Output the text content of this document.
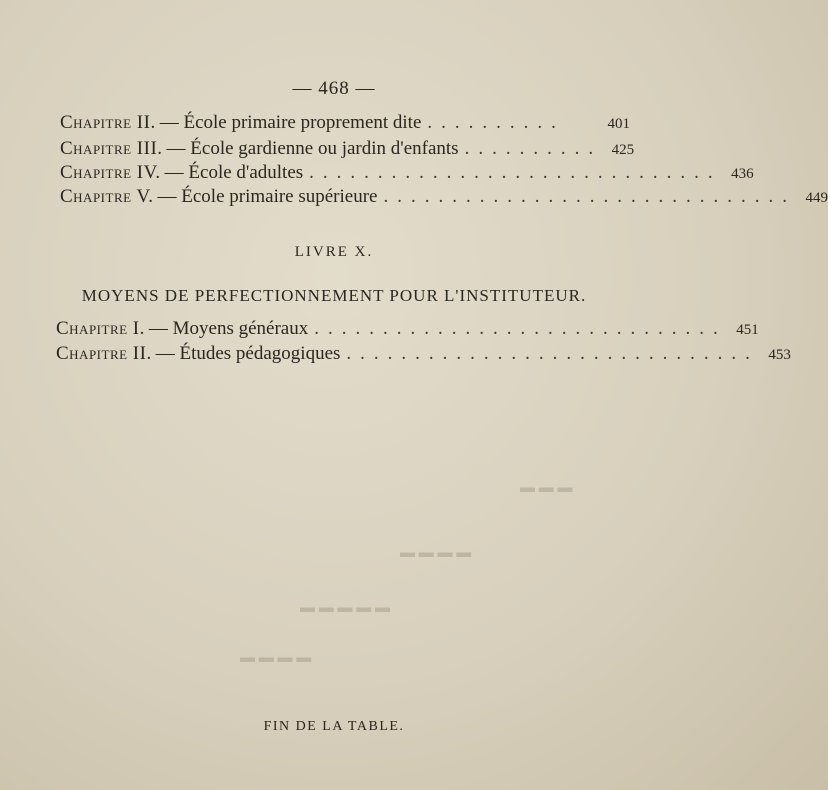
— 468 —
Chapitre II. — École primaire proprement dite ..........	401
Chapitre III. — École gardienne ou jardin d'enfants .......... 425
Chapitre IV. — École d'adultes .............................. 436
Chapitre V. — École primaire supérieure .............................. 449
LIVRE X.
MOYENS DE PERFECTIONNEMENT POUR L'INSTITUTEUR.
Chapitre I. — Moyens généraux .............................. 451
Chapitre II. — Études pédagogiques .............................. 453
▬ ▬ ▬
▬ ▬ ▬ ▬
▬ ▬ ▬ ▬ ▬
▬ ▬ ▬ ▬
FIN DE LA TABLE.
